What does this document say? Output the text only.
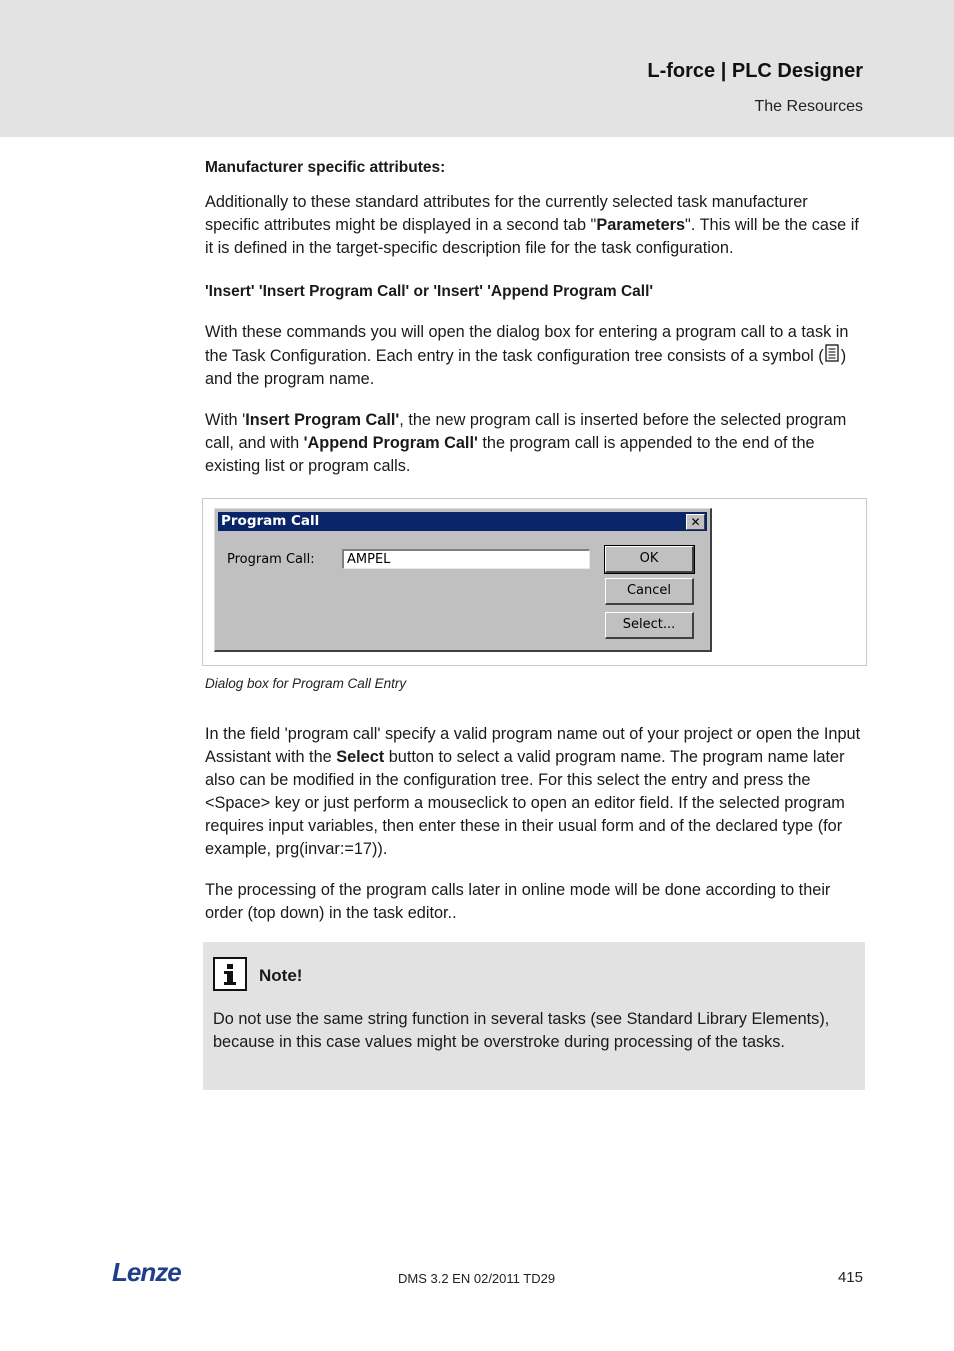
L-force | PLC Designer
The Resources

Manufacturer specific attributes:

Additionally to these standard attributes for the currently selected task manufacturer specific attributes might be displayed in a second tab "Parameters". This will be the case if it is defined in the target-specific description file for the task configuration.

'Insert' 'Insert Program Call' or 'Insert' 'Append Program Call'

With these commands you will open the dialog box for entering a program call to a task in the Task Configuration. Each entry in the task configuration tree consists of a symbol ( ) and the program name.

With 'Insert Program Call', the new program call is inserted before the selected program call, and with 'Append Program Call' the program call is appended to the end of the existing list or program calls.

Program Call	✕
Program Call:	AMPEL	OK
Cancel
Select...
Dialog box for Program Call Entry

In the field 'program call' specify a valid program name out of your project or open the Input Assistant with the Select button to select a valid program name. The program name later also can be modified in the configuration tree. For this select the entry and press the <Space> key or just perform a mouseclick to open an editor field. If the selected program requires input variables, then enter these in their usual form and of the declared type (for example, prg(invar:=17)).

The processing of the program calls later in online mode will be done according to their order (top down) in the task editor..

Note!
Do not use the same string function in several tasks (see Standard Library Elements), because in this case values might be overstroke during processing of the tasks.
Lenze	DMS 3.2 EN 02/2011 TD29	415
